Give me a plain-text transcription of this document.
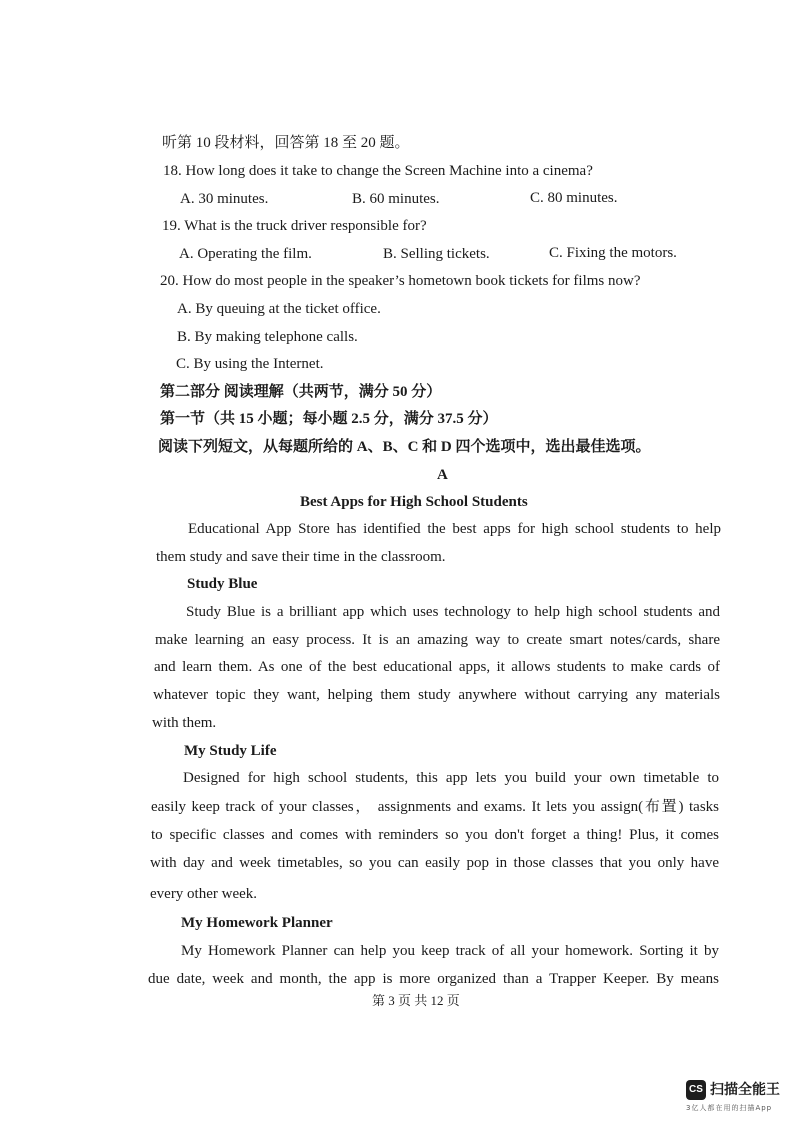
听第 10 段材料，回答第 18 至 20 题。
18. How long does it take to change the Screen Machine into a cinema?
A. 30 minutes.	B. 60 minutes.	C. 80 minutes.
19. What is the truck driver responsible for?
A. Operating the film.	B. Selling tickets.	C. Fixing the motors.
20. How do most people in the speaker’s hometown book tickets for films now?
A. By queuing at the ticket office.
B. By making telephone calls.
C. By using the Internet.
第二部分 阅读理解（共两节，满分 50 分）
第一节（共 15 小题；每小题 2.5 分，满分 37.5 分）
阅读下列短文，从每题所给的 A、B、C 和 D 四个选项中，选出最佳选项。
A
Best Apps for High School Students
Educational App Store has identified the best apps for high school students to help
them study and save their time in the classroom.
Study Blue
Study Blue is a brilliant app which uses technology to help high school students and
make learning an easy process. It is an amazing way to create smart notes/cards, share
and learn them. As one of the best educational apps, it allows students to make cards of
whatever topic they want, helping them study anywhere without carrying any materials
with them.
My Study Life
Designed for high school students, this app lets you build your own timetable to
easily keep track of your classes， assignments and exams. It lets you assign(布置) tasks
to specific classes and comes with reminders so you don't forget a thing! Plus, it comes
with day and week timetables, so you can easily pop in those classes that you only have
every other week.
My Homework Planner
My Homework Planner can help you keep track of all your homework. Sorting it by
due date, week and month, the app is more organized than a Trapper Keeper. By means
第 3 页 共 12 页
CS 扫描全能王
3亿人都在用的扫描App
